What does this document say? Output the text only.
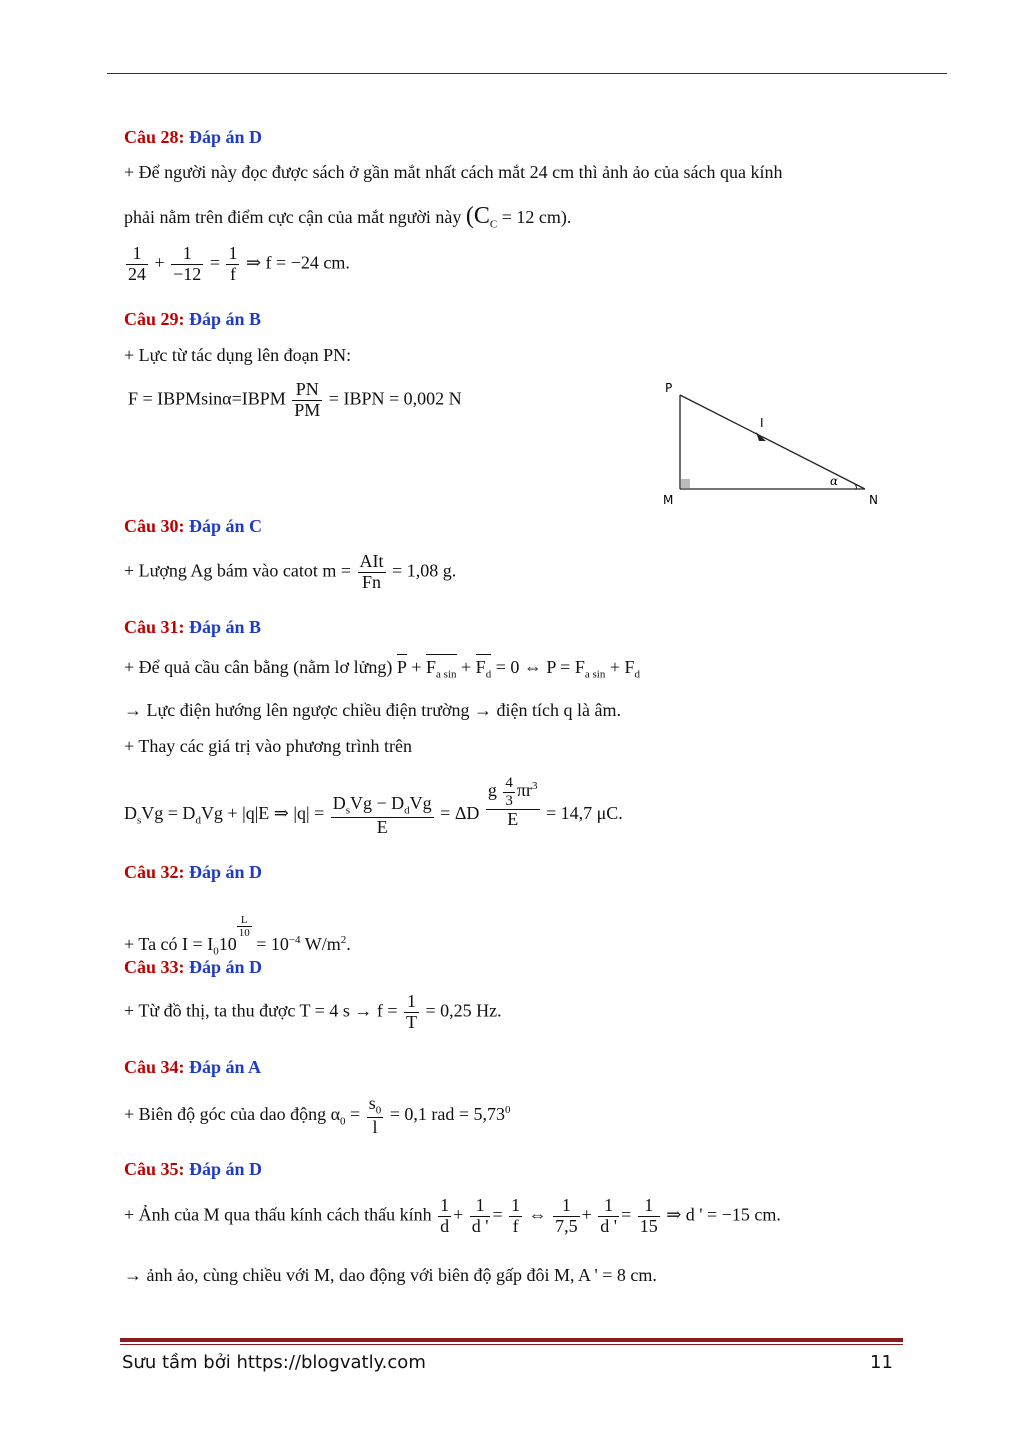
Câu 28: Đáp án D
+ Để người này đọc được sách ở gần mắt nhất cách mắt 24 cm thì ảnh ảo của sách qua kính
phải nằm trên điểm cực cận của mắt người này ($C_C = 12$ cm).
$\frac{1}{24} + \frac{1}{-12} = \frac{1}{f}$ ⇒ f = −24 cm.
Câu 29: Đáp án B
+ Lực từ tác dụng lên đoạn PN:
F = IBPMsinα=IBPM $\frac{PN}{PM}$ = IBPN = 0,002 N
P
M	N
I
α
Câu 30: Đáp án C
+ Lượng Ag bám vào catot $m = \frac{\text{AIt}}{Fn} = 1,08$ g.
Câu 31: Đáp án B
+ Để quả cầu cân bằng (nằm lơ lửng) $P + F_{a sin} + F_d = 0$ ⇔ $P = F_{a sin} + F_d$
→ Lực điện hướng lên ngược chiều điện trường → điện tích q là âm.
+ Thay các giá trị vào phương trình trên
$D_sVg = D_dVg + |q|E$ ⇒ $|q| = \frac{D_sVg - D_dVg}{E} = \Delta D \frac{g \frac{4}{3} \pi r^3}{E} = 14,7$ μC.
Câu 32: Đáp án D
+ Ta có $I = I_010$
$\frac{L}{10}$
= $10^{-4}$ $W/m^2$.
Câu 33: Đáp án D
+ Từ đồ thị, ta thu được T = 4 $s \to f = \frac{1}{T} = 0,25$ Hz.
Câu 34: Đáp án A
+ Biên độ góc của dao động $\alpha_0 = \frac{s_0}{l} = 0,1$ rad = $5,73^0$
Câu 35: Đáp án D
+ Ảnh của M qua thấu kính cách thấu kính $\frac{1}{d} + \frac{1}{d '} = \frac{1}{f}$ ⇔ $\frac{1}{7,5} + \frac{1}{d '} = \frac{1}{15}$ ⇒ d ' = −15 cm.
→ ảnh ảo, cùng chiều với M, dao động với biên độ gấp đôi M, A ' = 8 cm.
Sưu tầm bởi https://blogvatly.com	11
